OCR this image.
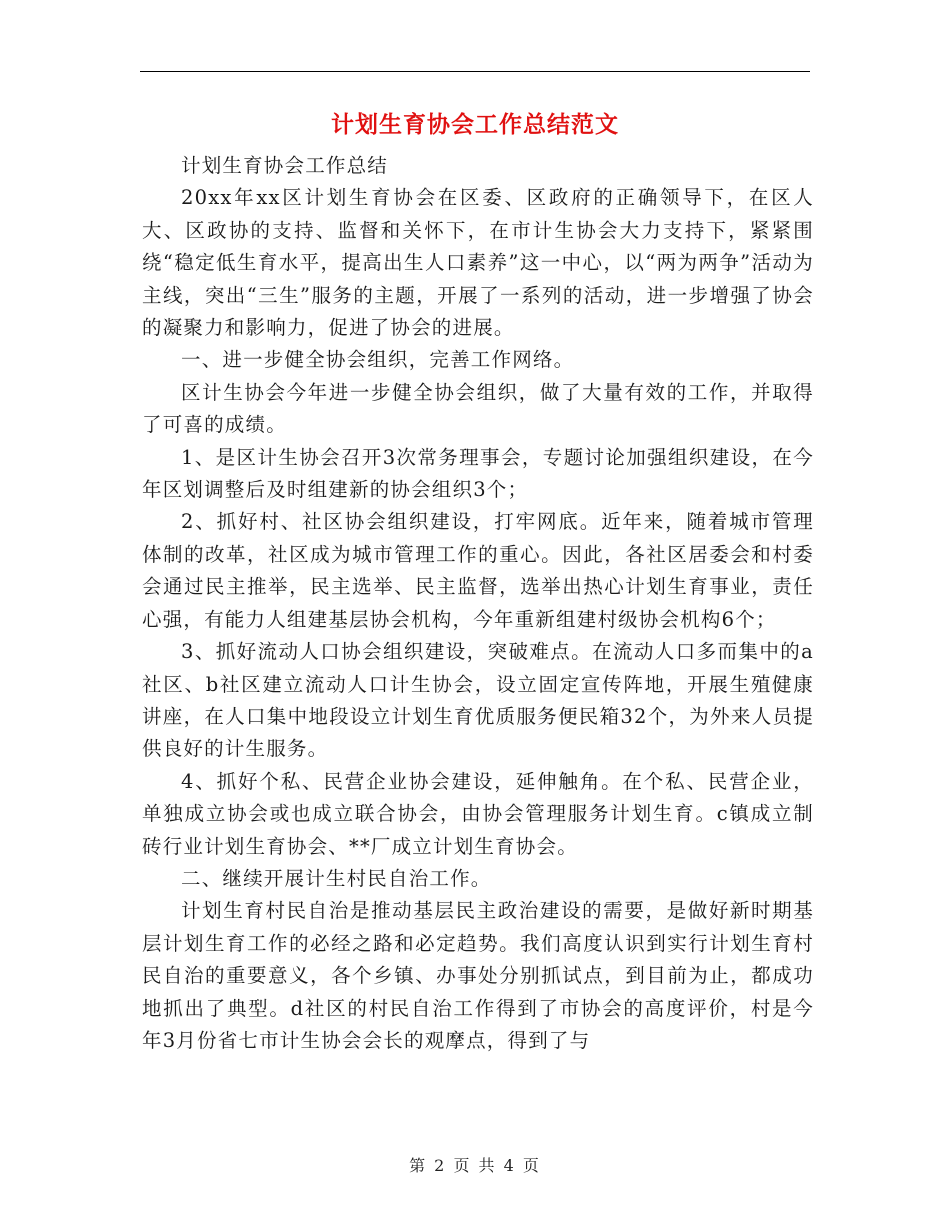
计划生育协会工作总结范文

计划生育协会工作总结

20xx年xx区计划生育协会在区委、区政府的正确领导下，在区人大、区政协的支持、监督和关怀下，在市计生协会大力支持下，紧紧围绕“稳定低生育水平，提高出生人口素养”这一中心，以“两为两争”活动为主线，突出“三生”服务的主题，开展了一系列的活动，进一步增强了协会的凝聚力和影响力，促进了协会的进展。

一、进一步健全协会组织，完善工作网络。

区计生协会今年进一步健全协会组织，做了大量有效的工作，并取得了可喜的成绩。

1、是区计生协会召开3次常务理事会，专题讨论加强组织建设，在今年区划调整后及时组建新的协会组织3个；

2、抓好村、社区协会组织建设，打牢网底。近年来，随着城市管理体制的改革，社区成为城市管理工作的重心。因此，各社区居委会和村委会通过民主推举，民主选举、民主监督，选举出热心计划生育事业，责任心强，有能力人组建基层协会机构，今年重新组建村级协会机构6个；

3、抓好流动人口协会组织建设，突破难点。在流动人口多而集中的a社区、b社区建立流动人口计生协会，设立固定宣传阵地，开展生殖健康讲座，在人口集中地段设立计划生育优质服务便民箱32个，为外来人员提供良好的计生服务。

4、抓好个私、民营企业协会建设，延伸触角。在个私、民营企业，单独成立协会或也成立联合协会，由协会管理服务计划生育。c镇成立制砖行业计划生育协会、**厂成立计划生育协会。

二、继续开展计生村民自治工作。

计划生育村民自治是推动基层民主政治建设的需要，是做好新时期基层计划生育工作的必经之路和必定趋势。我们高度认识到实行计划生育村民自治的重要意义，各个乡镇、办事处分别抓试点，到目前为止，都成功地抓出了典型。d社区的村民自治工作得到了市协会的高度评价，村是今年3月份省七市计生协会会长的观摩点，得到了与

第 2 页 共 4 页
